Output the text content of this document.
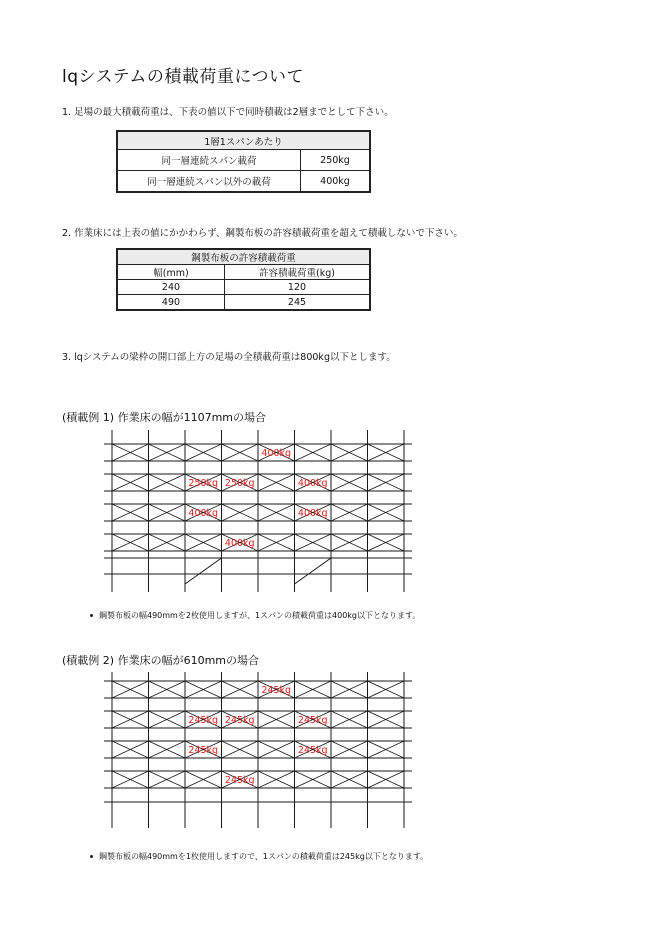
lqシステムの積載荷重について
1. 足場の最大積載荷重は、下表の値以下で同時積載は2層までとして下さい。
1層1スパンあたり	
同一層連続スパン載荷	250kg
同一層連続スパン以外の載荷	400kg
2. 作業床には上表の値にかかわらず、鋼製布板の許容積載荷重を超えて積載しないで下さい。
鋼製布板の許容積載荷重	
幅(mm)	許容積載荷重(kg)
240	120
490	245
3. lqシステムの梁枠の開口部上方の足場の全積載荷重は800kg以下とします。
(積載例 1) 作業床の幅が1107mmの場合
400kg
250kg 250kg	400kg
400kg	400kg
400kg
鋼製布板の幅490mmを2枚使用しますが、1スパンの積載荷重は400kg以下となります。
(積載例 2) 作業床の幅が610mmの場合
245kg
245kg 245kg	245kg
245kg	245kg
245kg
鋼製布板の幅490mmを1枚使用しますので、1スパンの積載荷重は245kg以下となります。
